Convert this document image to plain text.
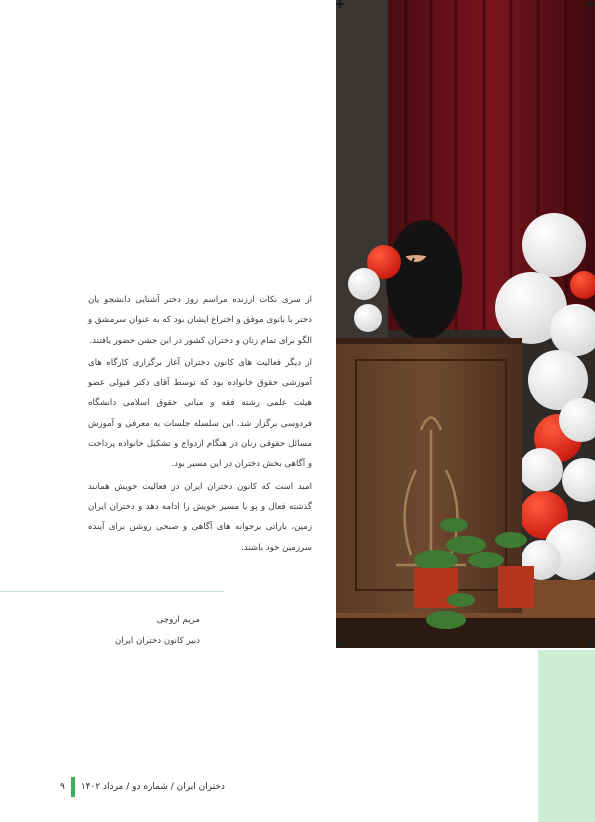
از سری نکات ارزنده مراسم روز دختر آشنایی دانشجو یان دختر با بانوی موفق و اختراع ایشان بود که به عنوان سرمشق و الگو برای تمام زنان و دختران کشور در این جشن حضور یافتند.

از دیگر فعالیت های کانون دختران آغاز برگزاری کارگاه های آموزشی حقوق خانواده بود که توسط آقای دکتر قبولی عضو هیئت علمی رشته فقه و مبانی حقوق اسلامی دانشگاه فردوسی برگزار شد. این سلسله جلسات به معرفی و آموزش مسائل حقوقی زنان در هنگام ازدواج و تشکیل خانواده پرداخت و آگاهی بخش دختران در این مسیر بود.

امید است که کانون دختران ایران در فعالیت خویش همانند گذشته فعال و پو یا مسیر خویش را ادامه دهد و دختران ایران زمین، باراتی برجوانه های آگاهی و صبحی روشن برای آینده سرزمین خود باشند.

مریم اروجی
دبیر کانون دختران ایران
۹ دختران ایران / شماره دو / مرداد ۱۴۰۲
